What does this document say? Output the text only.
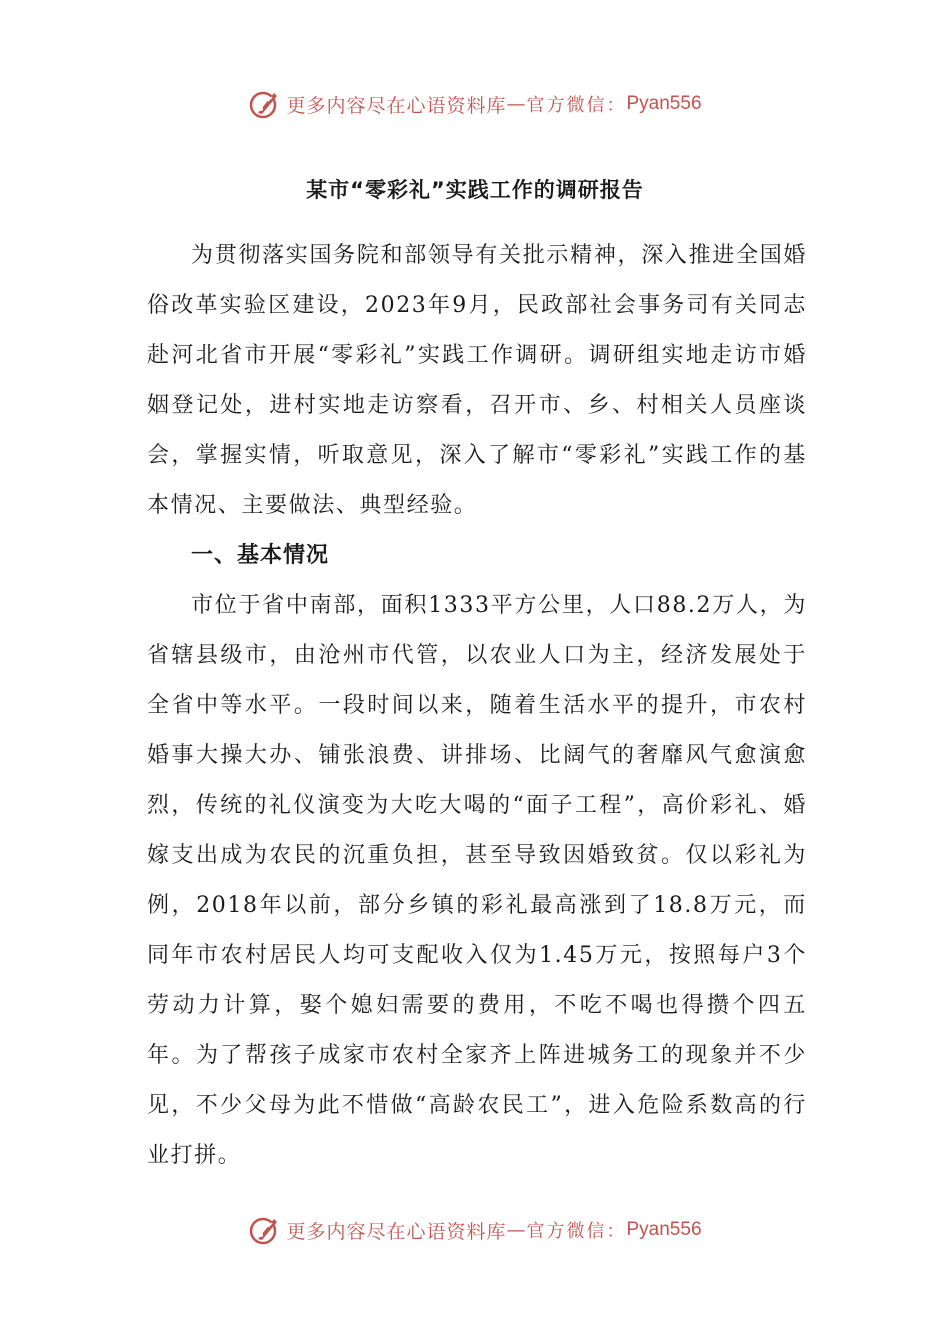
更多内容尽在心语资料库 — 官方微信： Pyan556
某市“零彩礼”实践工作的调研报告

为贯彻落实国务院和部领导有关批示精神，深入推进全国婚俗改革实验区建设，2023年9月，民政部社会事务司有关同志赴河北省市开展“零彩礼”实践工作调研。调研组实地走访市婚姻登记处，进村实地走访察看，召开市、乡、村相关人员座谈会，掌握实情，听取意见，深入了解市“零彩礼”实践工作的基本情况、主要做法、典型经验。

一、基本情况

市位于省中南部，面积1333平方公里，人口88.2万人，为省辖县级市，由沧州市代管，以农业人口为主，经济发展处于全省中等水平。一段时间以来，随着生活水平的提升，市农村婚事大操大办、铺张浪费、讲排场、比阔气的奢靡风气愈演愈烈，传统的礼仪演变为大吃大喝的“面子工程”，高价彩礼、婚嫁支出成为农民的沉重负担，甚至导致因婚致贫。仅以彩礼为例，2018年以前，部分乡镇的彩礼最高涨到了18.8万元，而同年市农村居民人均可支配收入仅为1.45万元，按照每户3个劳动力计算，娶个媳妇需要的费用，不吃不喝也得攒个四五年。为了帮孩子成家市农村全家齐上阵进城务工的现象并不少见，不少父母为此不惜做“高龄农民工”，进入危险系数高的行业打拼。

更多内容尽在心语资料库 — 官方微信： Pyan556
